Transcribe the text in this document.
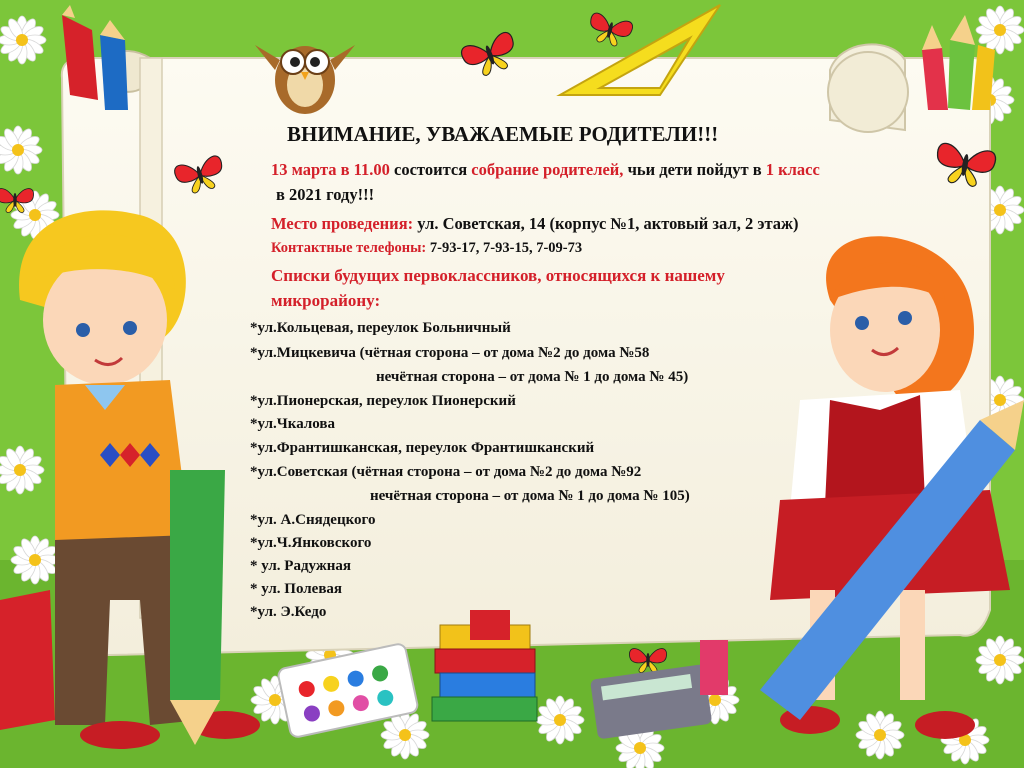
ВНИМАНИЕ, УВАЖАЕМЫЕ РОДИТЕЛИ!!!
13 марта в 11.00 состоится собрание родителей, чьи дети пойдут в 1 класс
в 2021 году!!!
Место проведения: ул. Советская, 14 (корпус №1, актовый зал, 2 этаж)
Контактные телефоны: 7-93-17, 7-93-15, 7-09-73
Списки будущих первоклассников, относящихся к нашему
микрорайону:
*ул.Кольцевая, переулок Больничный
*ул.Мицкевича (чётная сторона – от дома №2 до дома №58
нечётная сторона – от дома № 1 до дома № 45)
*ул.Пионерская, переулок Пионерский
*ул.Чкалова
*ул.Франтишканская, переулок Франтишканский
*ул.Советская (чётная сторона – от дома №2 до дома №92
нечётная сторона – от дома № 1 до дома № 105)
*ул. А.Снядецкого
*ул.Ч.Янковского
* ул. Радужная
* ул. Полевая
*ул. Э.Кедо
